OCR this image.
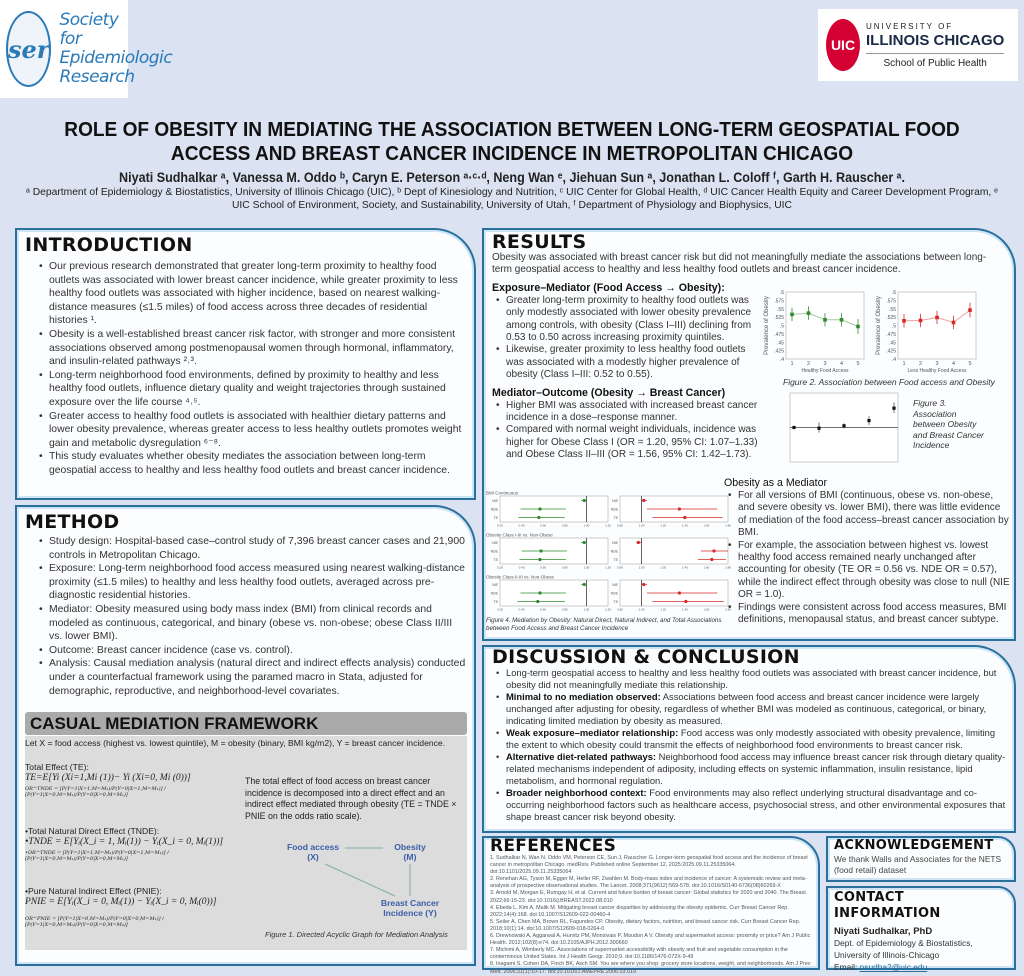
ser
Society for Epidemiologic Research
UIC
UNIVERSITY OF
ILLINOIS CHICAGO
School of Public Health
ROLE OF OBESITY IN MEDIATING THE ASSOCIATION BETWEEN LONG-TERM GEOSPATIAL FOOD ACCESS AND BREAST CANCER INCIDENCE IN METROPOLITAN CHICAGO
Niyati Sudhalkar ᵃ, Vanessa M. Oddo ᵇ, Caryn E. Peterson ᵃ·ᶜ·ᵈ, Neng Wan ᵉ, Jiehuan Sun ᵃ, Jonathan L. Coloff ᶠ, Garth H. Rauscher ᵃ.
ᵃ Department of Epidemiology & Biostatistics, University of Illinois Chicago (UIC), ᵇ Dept of Kinesiology and Nutrition, ᶜ UIC Center for Global Health, ᵈ UIC Cancer Health Equity and Career Development Program, ᵉ UIC School of Environment, Society, and Sustainability, University of Utah, ᶠ Department of Physiology and Biophysics, UIC
INTRODUCTION
• Our previous research demonstrated that greater long-term proximity to healthy food outlets was associated with lower breast cancer incidence, while greater proximity to less healthy food outlets was associated with higher incidence, based on nearest walking-distance measures (≤1.5 miles) of food access across three decades of residential histories ¹.
• Obesity is a well-established breast cancer risk factor, with stronger and more consistent associations observed among postmenopausal women through hormonal, inflammatory, and insulin-related pathways ²˒³.
• Long-term neighborhood food environments, defined by proximity to healthy and less healthy food outlets, influence dietary quality and weight trajectories through sustained exposure over the life course ⁴˒⁵.
• Greater access to healthy food outlets is associated with healthier dietary patterns and lower obesity prevalence, whereas greater access to less healthy outlets promotes weight gain and metabolic dysregulation ⁶⁻⁸.
• This study evaluates whether obesity mediates the association between long-term geospatial access to healthy and less healthy food outlets and breast cancer incidence.
METHOD
• Study design: Hospital-based case–control study of 7,396 breast cancer cases and 21,900 controls in Metropolitan Chicago.
• Exposure: Long-term neighborhood food access measured using nearest walking-distance proximity (≤1.5 miles) to healthy and less healthy food outlets, averaged across pre-diagnostic residential histories.
• Mediator: Obesity measured using body mass index (BMI) from clinical records and modeled as continuous, categorical, and binary (obese vs. non-obese; obese Class II/III vs. lower BMI).
• Outcome: Breast cancer incidence (case vs. control).
• Analysis: Causal mediation analysis (natural direct and indirect effects analysis) conducted under a counterfactual framework using the paramed macro in Stata, adjusted for demographic, reproductive, and neighborhood-level covariates.
CASUAL MEDIATION FRAMEWORK
Let X = food access (highest vs. lowest quintile), M = obesity (binary, BMI kg/m2), Y = breast cancer incidence.
Total Effect (TE):
TE=E[Yi (Xi=1,Mi (1))− Yi (Xi=0, Mi (0))]
OR^TNDE = [P(Y=1|X=1,M=M₁)/P(Y=0|X=1,M=M₁)] / [P(Y=1|X=0,M=M₁)/P(Y=0|X=0,M=M₁)]
•Total Natural Direct Effect (TNDE):
•TNDE = E[Yᵢ(X_i = 1, Mᵢ(1)) − Yᵢ(X_i = 0, Mᵢ(1))]
•OR^TNDE = [P(Y=1|X=1,M=M₁)/P(Y=0|X=1,M=M₁)] / [P(Y=1|X=0,M=M₁)/P(Y=0|X=0,M=M₁)]
•Pure Natural Indirect Effect (PNIE):
PNIE = E[Yᵢ(X_i = 0, Mᵢ(1)) − Yᵢ(X_i = 0, Mᵢ(0))]
OR^PNIE = [P(Y=1|X=0,M=M₁)/P(Y=0|X=0,M=M₁)] / [P(Y=1|X=0,M=M₀)/P(Y=0|X=0,M=M₀)]
The total effect of food access on breast cancer incidence is decomposed into a direct effect and an indirect effect mediated through obesity (TE = TNDE × PNIE on the odds ratio scale).
Food access
(X)
Obesity
(M)
Breast Cancer
Incidence (Y)
Figure 1. Directed Acyclic Graph for Mediation Analysis
RESULTS

Obesity was associated with breast cancer risk but did not meaningfully mediate the associations between long-term geospatial access to healthy and less healthy food outlets and breast cancer incidence.

Exposure–Mediator (Food Access → Obesity):
• Greater long-term proximity to healthy food outlets was only modestly associated with lower obesity prevalence among controls, with obesity (Class I–III) declining from 0.53 to 0.50 across increasing proximity quintiles.
• Likewise, greater proximity to less healthy food outlets was associated with a modestly higher prevalence of obesity (Class I–III: 0.52 to 0.55).
Mediator–Outcome (Obesity → Breast Cancer)
• Higher BMI was associated with increased breast cancer incidence in a dose–response manner.
• Compared with normal weight individuals, incidence was higher for Obese Class I (OR = 1.20, 95% CI: 1.07–1.33) and Obese Class II–III (OR = 1.56, 95% CI: 1.42–1.73).
Obesity as a Mediator
• For all versions of BMI (continuous, obese vs. non-obese, and severe obesity vs. lower BMI), there was little evidence of mediation of the food access–breast cancer association by BMI.
• For example, the association between highest vs. lowest healthy food access remained nearly unchanged after accounting for obesity (TE OR = 0.56 vs. NDE OR = 0.57), while the indirect effect through obesity was close to null (NIE OR = 1.0).
• Findings were consistent across food access measures, BMI definitions, menopausal status, and breast cancer subtype.
.4
.425
.45
.475
.5
.525
.55
.575
.6
1 2 3 4 5
Healthy Food Access
Prevalence of Obesity
.4
.425
.45
.475
.5
.525
.55
.575
.6
1 2 3 4 5
Less Healthy Food Access
Prevalence of Obesity
Figure 2. Association between Food access and Obesity
Figure 3. Association between Obesity and Breast Cancer Incidence
BMI Continuous
0.20	0.40	0.60	0.80	1.00	1.20
NIE
NDE
TE
0.80	1.00	1.20	1.40	1.60	1.80
NIE
NDE
TE
Obesity Class I-III vs. Non-Obese
0.20	0.40	0.60	0.80	1.00	1.20
NIE
NDE
TE
0.80	1.00	1.20	1.40	1.60	1.80
NIE
NDE
TE
Obesity Class II-III vs. Non-Obese
0.20	0.40	0.60	0.80	1.00	1.20
NIE
NDE
TE
0.80	1.00	1.20	1.40	1.60	1.80
NIE
NDE
TE
Figure 4. Mediation by Obesity: Natural Direct, Natural Indirect, and Total Associations between Food Access and Breast Cancer Incidence
DISCUSSION & CONCLUSION
• Long-term geospatial access to healthy and less healthy food outlets was associated with breast cancer incidence, but obesity did not meaningfully mediate this relationship.
• Minimal to no mediation observed: Associations between food access and breast cancer incidence were largely unchanged after adjusting for obesity, regardless of whether BMI was modeled as continuous, categorical, or binary, indicating limited mediation by obesity as measured.
• Weak exposure–mediator relationship: Food access was only modestly associated with obesity prevalence, limiting the extent to which obesity could transmit the effects of neighborhood food environments to breast cancer risk.
• Alternative diet-related pathways: Neighborhood food access may influence breast cancer risk through dietary quality-related mechanisms independent of adiposity, including effects on systemic inflammation, insulin resistance, lipid metabolism, and hormonal regulation.
• Broader neighborhood context: Food environments may also reflect underlying structural disadvantage and co-occurring neighborhood factors such as healthcare access, psychosocial stress, and other environmental exposures that shape breast cancer risk beyond obesity.
REFERENCES
1. Sudhalkar N, Wan N, Oddo VM, Peterson CE, Sun J, Rauscher G. Longer-term geospatial food access and the incidence of breast cancer in metropolitan Chicago. medRxiv. Published online September 12, 2025:2025.09.11.25335064. doi:10.1101/2025.09.11.25335064
2. Renehan AG, Tyson M, Egger M, Heller RF, Zwahlen M. Body-mass index and incidence of cancer: A systematic review and meta-analysis of prospective observational studies. The Lancet. 2008;371(9612):569-578. doi:10.1016/S0140-6736(08)60269-X
3. Arnold M, Morgan E, Rumgay H, et al. Current and future burden of breast cancer: Global statistics for 2020 and 2040. The Breast. 2022;66:15-23. doi:10.1016/j.BREAST.2022.08.010
4. Ebeda L, Kim A, Malik M. Mitigating breast cancer disparities by addressing the obesity epidemic. Curr Breast Cancer Rep. 2022;14(4):168. doi:10.1007/S12609-022-00460-4
5. Seiler A, Chen MA, Brown RL, Fagundes CP. Obesity, dietary factors, nutrition, and breast cancer risk. Curr Breast Cancer Rep. 2018;10(1):14. doi:10.1007/S12609-018-0264-0
6. Drewnowski A, Aggarwal A, Hurvitz PM, Monsivais P, Moudon A V. Obesity and supermarket access: proximity or price? Am J Public Health. 2012;102(8):e74. doi:10.2105/AJPH.2012.300660
7. Michimi A, Wimberly MC. Associations of supermarket accessibility with obesity and fruit and vegetable consumption in the conterminous United States. Int J Health Geogr. 2010;9. doi:10.1186/1476-072X-9-49
8. Inagami S, Cohen DA, Finch BK, Asch SM. You are where you shop: grocery store locations, weight, and neighborhoods. Am J Prev Med. 2006;31(1):10-17. doi:10.1016/J.AMEPRE.2006.03.019
ACKNOWLEDGEMENT
We thank Walls and Associates for the NETS (food retail) dataset
CONTACT INFORMATION
Niyati Sudhalkar, PhD
Dept. of Epidemiology & Biostatistics,
University of Illinois-Chicago
Email: nsudha2@uic.edu
